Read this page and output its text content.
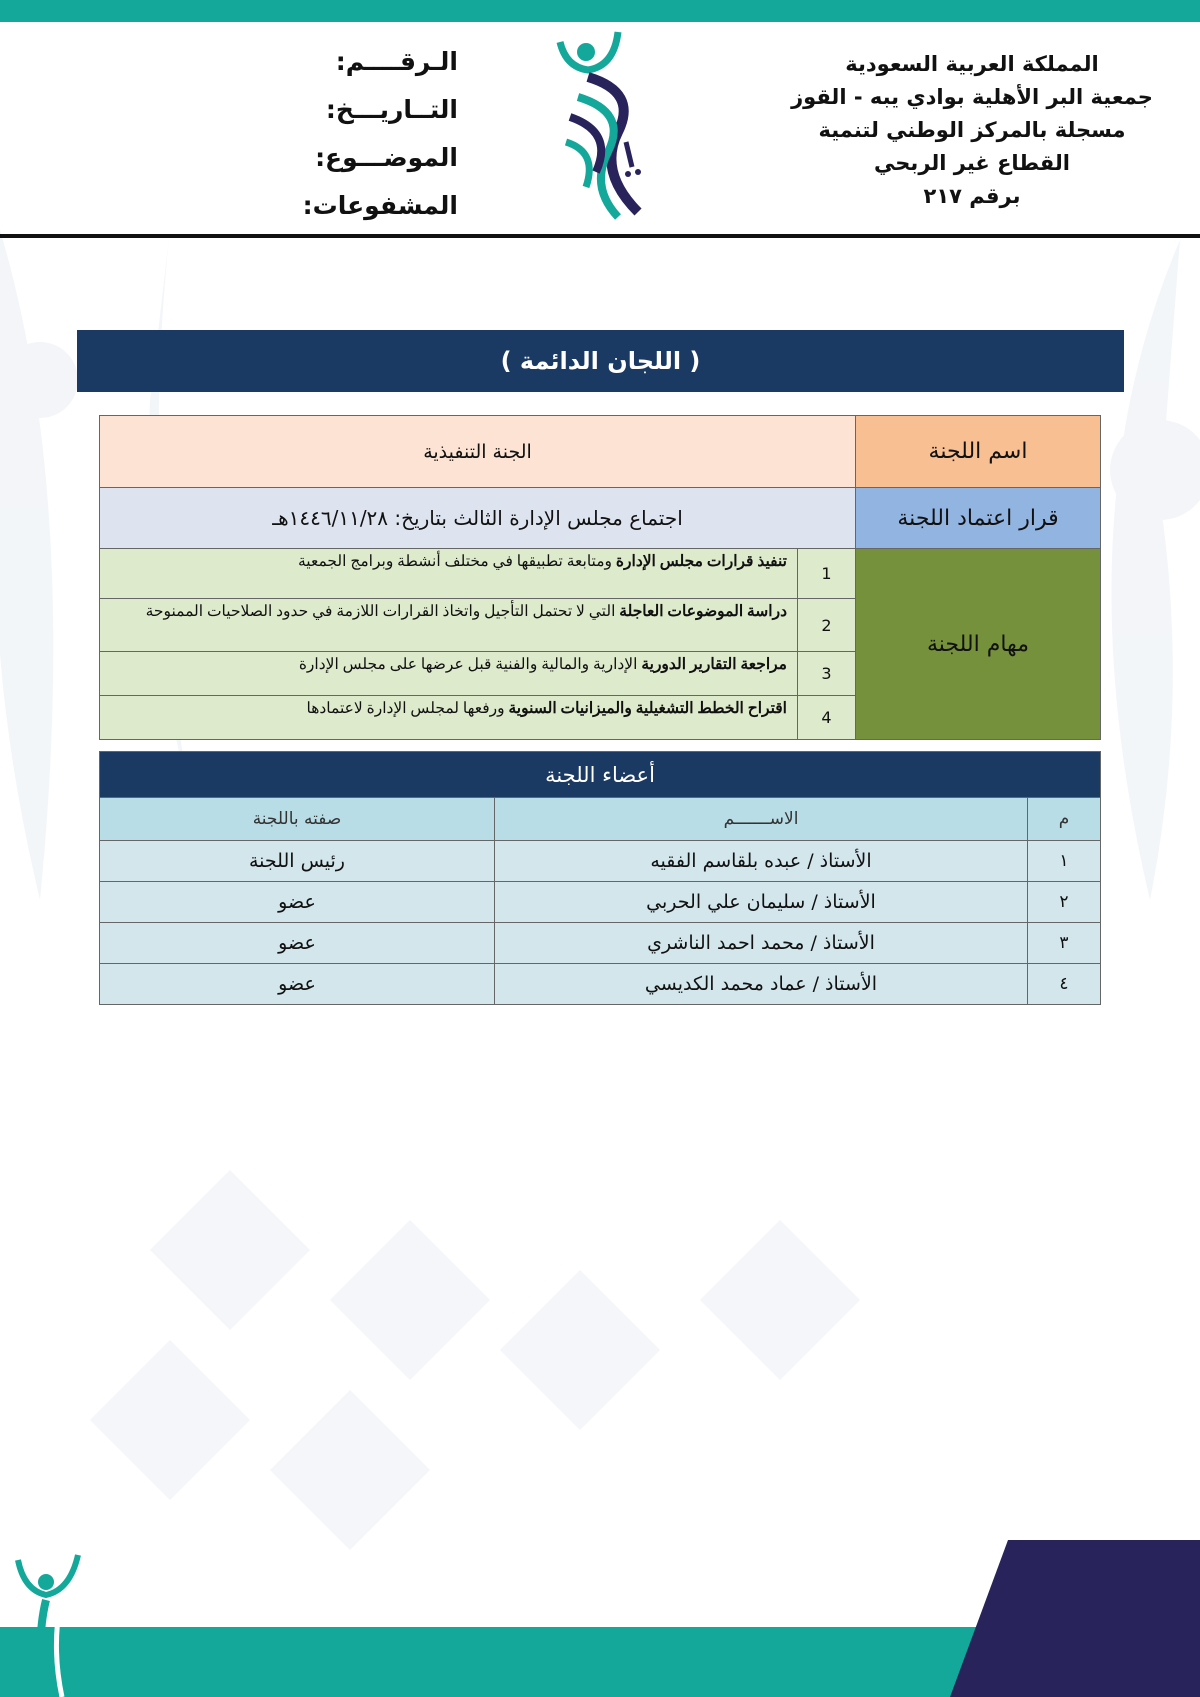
الـرقــــم:
التــاريـــخ:
الموضـــوع:
المشفوعات:
المملكة العربية السعودية
جمعية البر الأهلية بوادي يبه - القوز
مسجلة بالمركز الوطني لتنمية
القطاع غير الربحي
برقم ٢١٧
( اللجان الدائمة )
اسم اللجنة	الجنة التنفيذية	
قرار اعتماد اللجنة	اجتماع مجلس الإدارة الثالث بتاريخ: ١٤٤٦/١١/٢٨هـ	
مهام اللجنة	1	تنفيذ قرارات مجلس الإدارة ومتابعة تطبيقها في مختلف أنشطة وبرامج الجمعية
	2	دراسة الموضوعات العاجلة التي لا تحتمل التأجيل واتخاذ القرارات اللازمة في حدود الصلاحيات الممنوحة
	3	مراجعة التقارير الدورية الإدارية والمالية والفنية قبل عرضها على مجلس الإدارة
	4	اقتراح الخطط التشغيلية والميزانيات السنوية ورفعها لمجلس الإدارة لاعتمادها
أعضاء اللجنة		
م	الاســـــــم	صفته باللجنة
١	الأستاذ / عبده بلقاسم الفقيه	رئيس اللجنة
٢	الأستاذ / سليمان علي الحربي	عضو
٣	الأستاذ / محمد احمد الناشري	عضو
٤	الأستاذ / عماد محمد الكديسي	عضو
